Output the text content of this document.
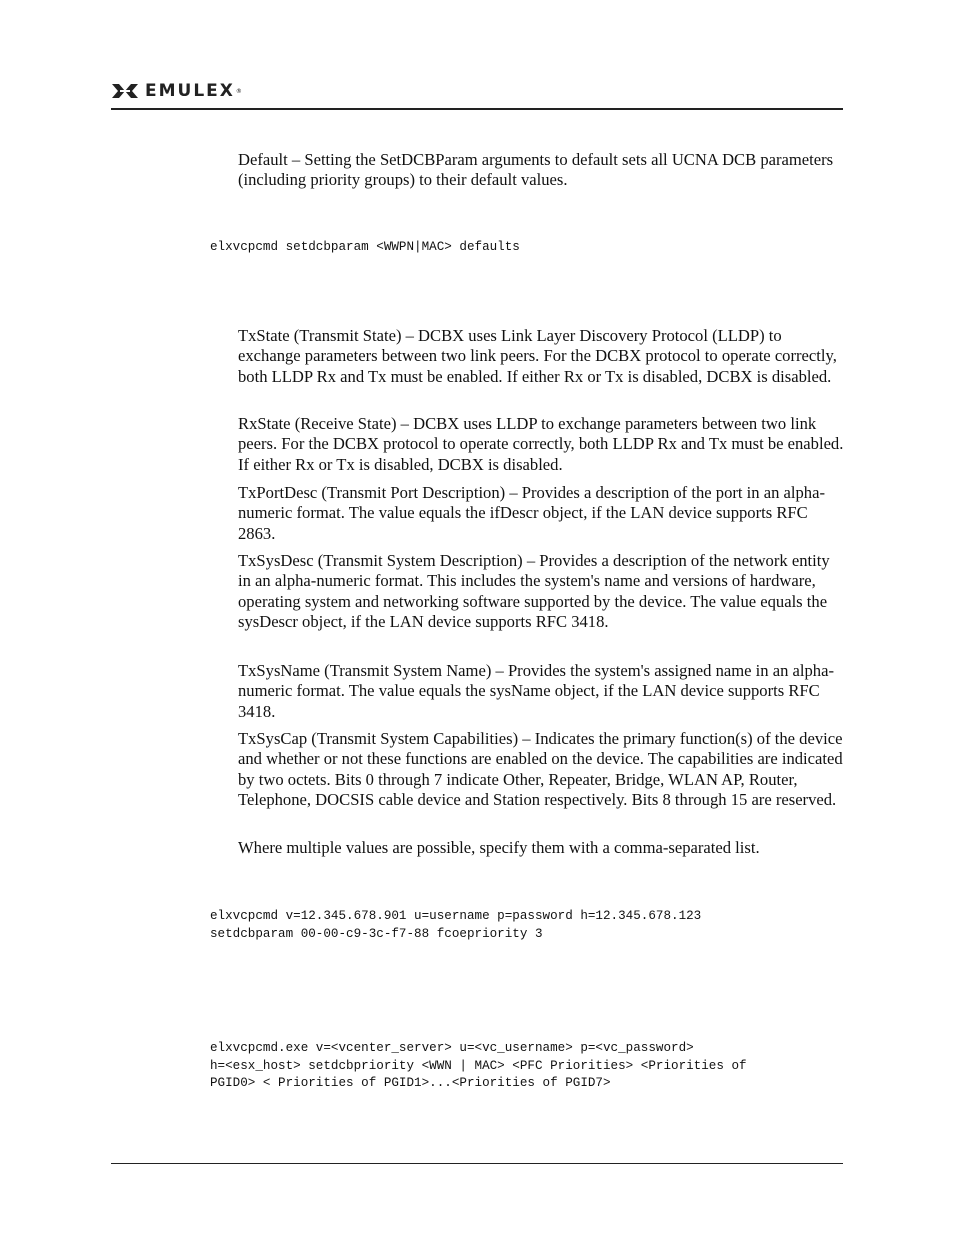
EMULEX ®

Default – Setting the SetDCBParam arguments to default sets all UCNA DCB parameters (including priority groups) to their default values.

elxvcpcmd setdcbparam <WWPN|MAC> defaults

TxState (Transmit State) – DCBX uses Link Layer Discovery Protocol (LLDP) to exchange parameters between two link peers. For the DCBX protocol to operate correctly, both LLDP Rx and Tx must be enabled. If either Rx or Tx is disabled, DCBX is disabled.

RxState (Receive State) – DCBX uses LLDP to exchange parameters between two link peers. For the DCBX protocol to operate correctly, both LLDP Rx and Tx must be enabled. If either Rx or Tx is disabled, DCBX is disabled.

TxPortDesc (Transmit Port Description) – Provides a description of the port in an alpha-numeric format. The value equals the ifDescr object, if the LAN device supports RFC 2863.

TxSysDesc (Transmit System Description) – Provides a description of the network entity in an alpha-numeric format. This includes the system's name and versions of hardware, operating system and networking software supported by the device. The value equals the sysDescr object, if the LAN device supports RFC 3418.

TxSysName (Transmit System Name) – Provides the system's assigned name in an alpha-numeric format. The value equals the sysName object, if the LAN device supports RFC 3418.

TxSysCap (Transmit System Capabilities) – Indicates the primary function(s) of the device and whether or not these functions are enabled on the device. The capabilities are indicated by two octets. Bits 0 through 7 indicate Other, Repeater, Bridge, WLAN AP, Router, Telephone, DOCSIS cable device and Station respectively. Bits 8 through 15 are reserved.

Where multiple values are possible, specify them with a comma-separated list.

elxvcpcmd v=12.345.678.901 u=username p=password h=12.345.678.123
setdcbparam 00-00-c9-3c-f7-88 fcoepriority 3
elxvcpcmd.exe v=<vcenter_server> u=<vc_username> p=<vc_password>
h=<esx_host> setdcbpriority <WWN | MAC> <PFC Priorities> <Priorities of
PGID0> < Priorities of PGID1>...<Priorities of PGID7>
